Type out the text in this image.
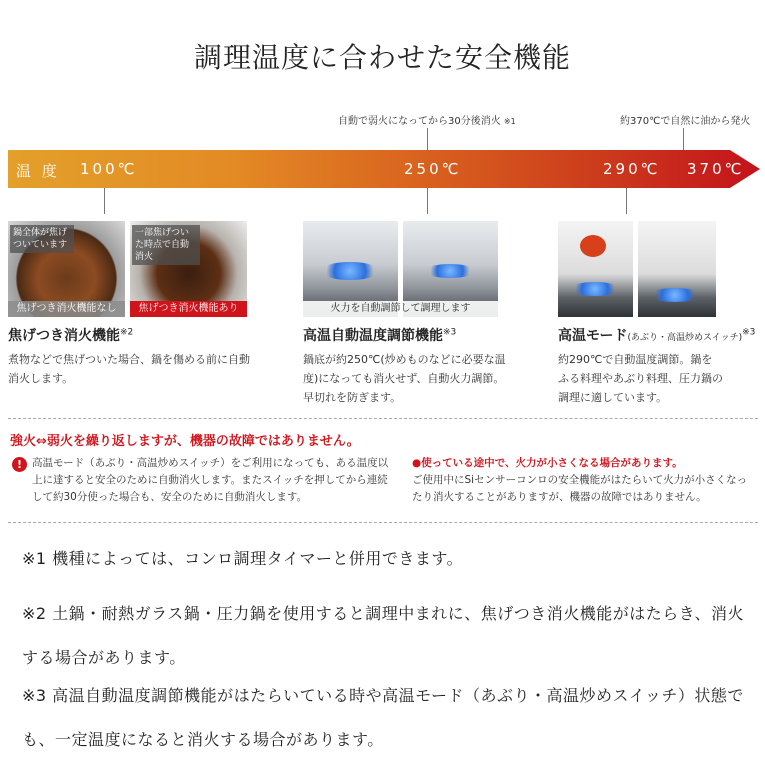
調理温度に合わせた安全機能
自動で弱火になってから30分後消火 ※1	約370℃で自然に油から発火
温 度 100℃	250℃	290℃ 370℃
鍋全体が焦げついています
一部焦げついた時点で自動消火
焦げつき消火機能なし	焦げつき消火機能あり	火力を自動調節して調理します
焦げつき消火機能$^{※2}$	高温自動温度調節機能$^{※3}$	高温モード(あぶり・高温炒めスイッチ)$^{※3}$
煮物などで焦げついた場合、鍋を傷める前に自動消火します。
鍋底が約250℃(炒めものなどに必要な温度)になっても消火せず、自動火力調節。早切れを防ぎます。
約290℃で自動温度調節。鍋をふる料理やあぶり料理、圧力鍋の調理に適しています。
強火⇔弱火を繰り返しますが、機器の故障ではありません。
! 高温モード（あぶり・高温炒めスイッチ）をご利用になっても、ある温度以上に達すると安全のために自動消火します。またスイッチを押してから連続して約30分使った場合も、安全のために自動消火します。
●使っている途中で、火力が小さくなる場合があります。
ご使用中にSiセンサーコンロの安全機能がはたらいて火力が小さくなったり消火することがありますが、機器の故障ではありません。
※1 機種によっては、コンロ調理タイマーと併用できます。
※2 土鍋・耐熱ガラス鍋・圧力鍋を使用すると調理中まれに、焦げつき消火機能がはたらき、消火する場合があります。
※3 高温自動温度調節機能がはたらいている時や高温モード（あぶり・高温炒めスイッチ）状態でも、一定温度になると消火する場合があります。
